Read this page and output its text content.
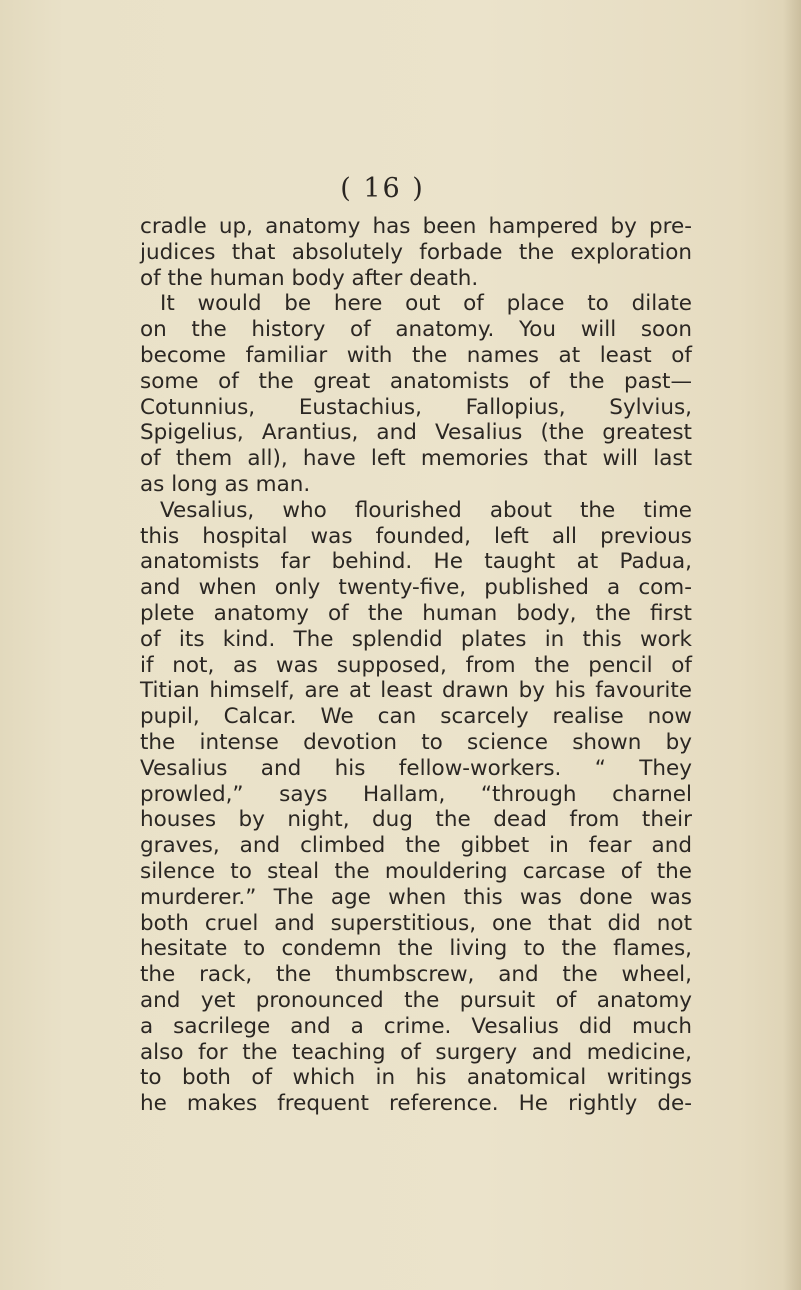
( 16 )
cradle up, anatomy has been hampered by pre-
judices that absolutely forbade the exploration
of the human body after death.
It would be here out of place to dilate
on the history of anatomy. You will soon
become familiar with the names at least of
some of the great anatomists of the past—
Cotunnius, Eustachius, Fallopius, Sylvius,
Spigelius, Arantius, and Vesalius (the greatest
of them all), have left memories that will last
as long as man.
Vesalius, who flourished about the time
this hospital was founded, left all previous
anatomists far behind. He taught at Padua,
and when only twenty-five, published a com-
plete anatomy of the human body, the first
of its kind. The splendid plates in this work
if not, as was supposed, from the pencil of
Titian himself, are at least drawn by his favourite
pupil, Calcar. We can scarcely realise now
the intense devotion to science shown by
Vesalius and his fellow-workers. “ They
prowled,” says Hallam, “through charnel
houses by night, dug the dead from their
graves, and climbed the gibbet in fear and
silence to steal the mouldering carcase of the
murderer.” The age when this was done was
both cruel and superstitious, one that did not
hesitate to condemn the living to the flames,
the rack, the thumbscrew, and the wheel,
and yet pronounced the pursuit of anatomy
a sacrilege and a crime. Vesalius did much
also for the teaching of surgery and medicine,
to both of which in his anatomical writings
he makes frequent reference. He rightly de-
